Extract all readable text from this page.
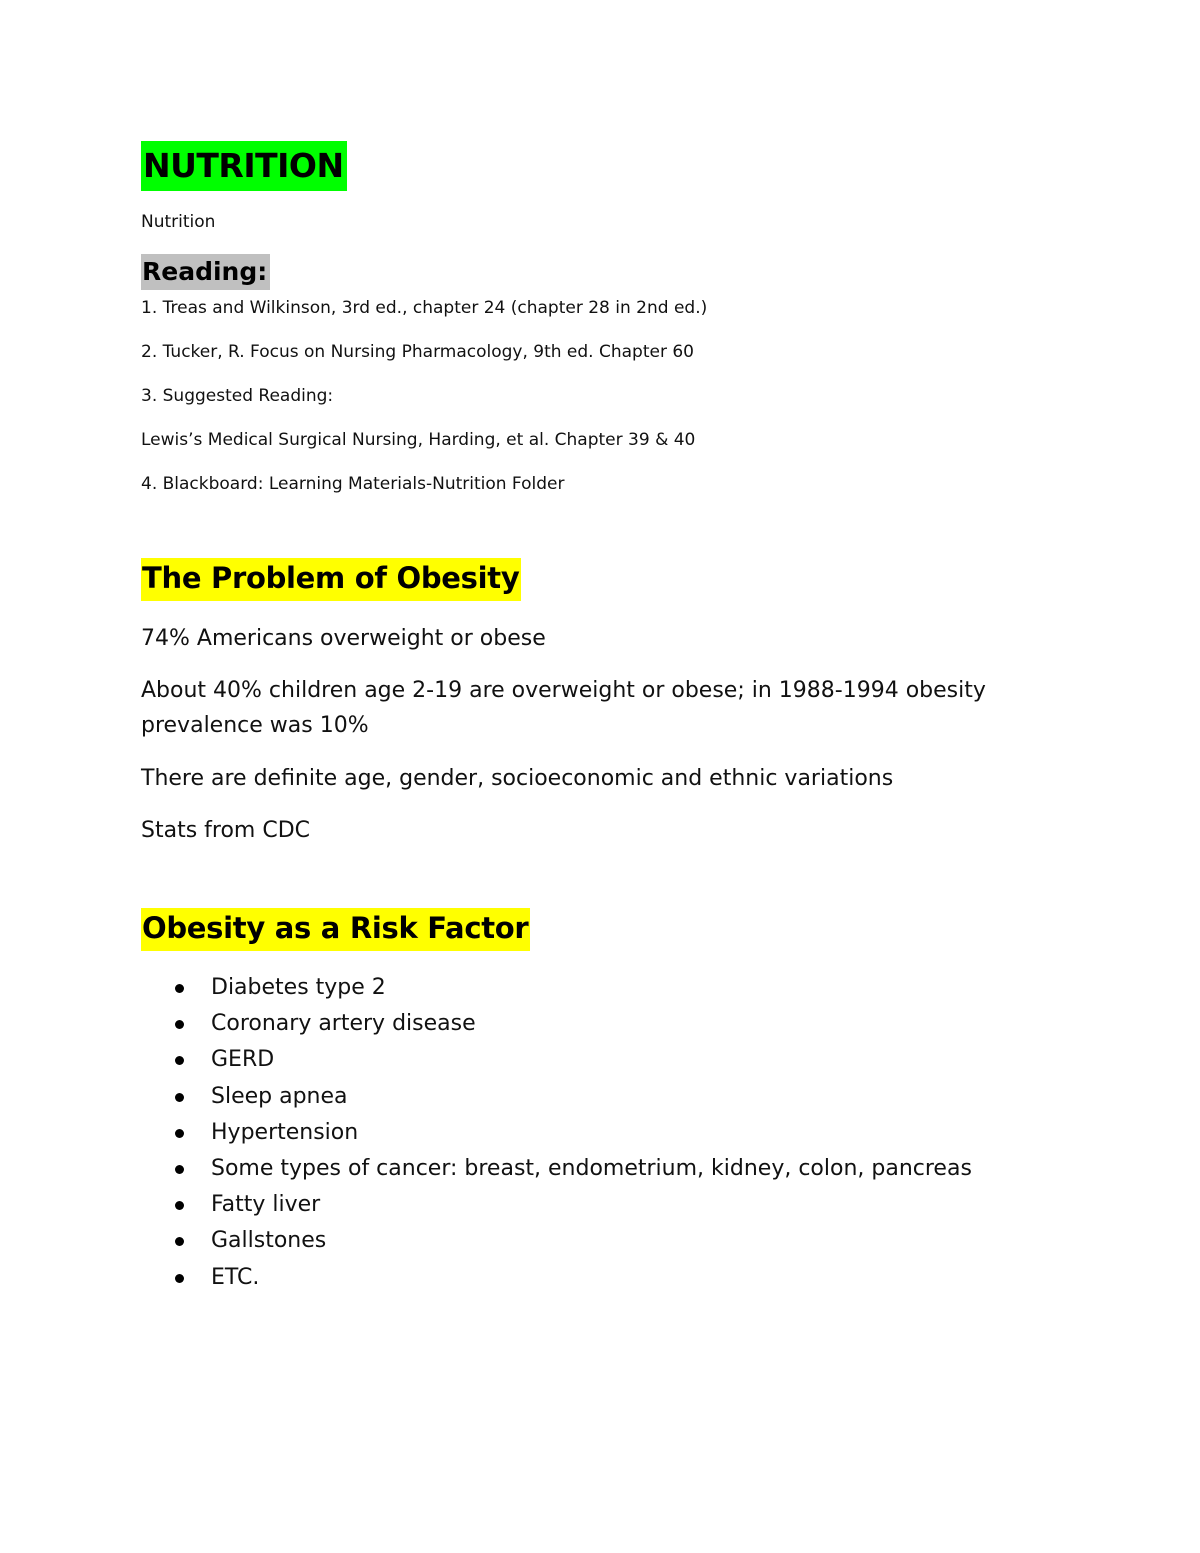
NUTRITION
Nutrition
Reading:
1. Treas and Wilkinson, 3rd ed., chapter 24 (chapter 28 in 2nd ed.)
2. Tucker, R. Focus on Nursing Pharmacology, 9th ed. Chapter 60
3. Suggested Reading:
Lewis’s Medical Surgical Nursing, Harding, et al. Chapter 39 & 40
4. Blackboard: Learning Materials-Nutrition Folder
The Problem of Obesity
74% Americans overweight or obese
About 40% children age 2-19 are overweight or obese; in 1988-1994 obesity prevalence was 10%
There are definite age, gender, socioeconomic and ethnic variations
Stats from CDC
Obesity as a Risk Factor
Diabetes type 2
Coronary artery disease
GERD
Sleep apnea
Hypertension
Some types of cancer: breast, endometrium, kidney, colon, pancreas
Fatty liver
Gallstones
ETC.
